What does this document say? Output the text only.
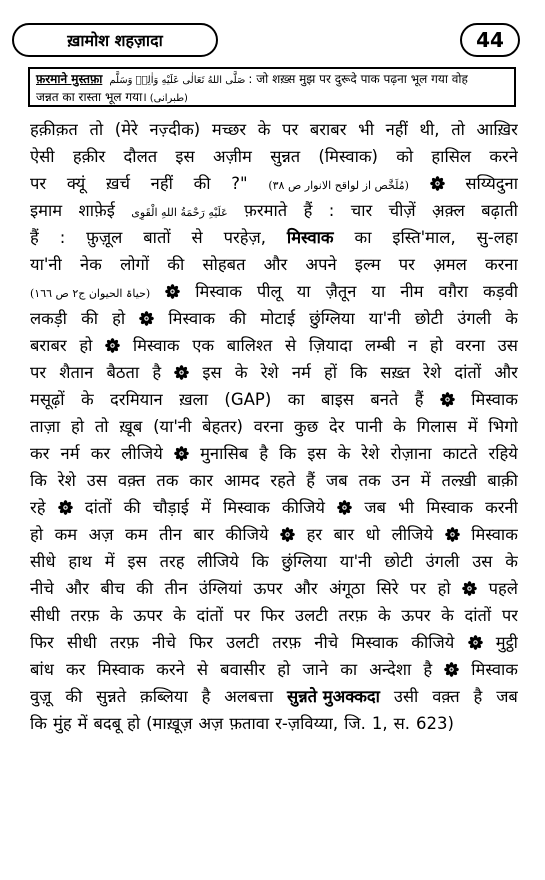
ख़ामोश शहज़ादा	44
फ़रमाने मुस्तफ़ा صَلَّى اللهُ تَعَالٰى عَلَيْهِ وَاٰلِهٖ وَسَلَّم : जो शख़्स मुझ पर दुरूदे पाक पढ़ना भूल गया वोह
जन्नत का रास्ता भूल गया। (طبرانی)
हक़ीक़त तो (मेरे नज़्दीक) मच्छर के पर बराबर भी नहीं थी, तो आख़िर
ऐसी हक़ीर दौलत इस अज़ीम सुन्नत (मिस्वाक) को हासिल करने
पर क्यूं ख़र्च नहीं की ?" (مُلَخَّص از لواقح الانوار ص ٣٨)	सय्यिदुना
इमाम शाफ़ेई عَلَيْهِ رَحْمَةُ اللهِ الْقَوِی फ़रमाते हैं : चार चीज़ें अ़क़्ल बढ़ाती
हैं : फ़ुज़ूल बातों से परहेज़, मिस्वाक का इस्ति'माल, सु-लहा
या'नी नेक लोगों की सोहबत और अपने इल्म पर अ़मल करना
(حیاۃ الحیوان ج٢ ص ١٦٦)	मिस्वाक पीलू या ज़ैतून या नीम वग़ैरा कड़वी
लकड़ी की हो	मिस्वाक की मोटाई छुंग्लिया या'नी छोटी उंगली के
बराबर हो मिस्वाक एक बालिश्त से ज़ियादा लम्बी न हो वरना उस
पर शैतान बैठता है	इस के रेशे नर्म हों कि सख़्त रेशे दांतों और
मसूढ़ों के दरमियान ख़ला (GAP) का बाइस बनते हैं	मिस्वाक
ताज़ा हो तो ख़ूब (या'नी बेहतर) वरना कुछ देर पानी के गिलास में भिगो
कर नर्म कर लीजिये मुनासिब है कि इस के रेशे रोज़ाना काटते रहिये
कि रेशे उस वक़्त तक कार आमद रहते हैं जब तक उन में तल्ख़ी बाक़ी
रहे दांतों की चौड़ाई में मिस्वाक कीजिये जब भी मिस्वाक करनी
हो कम अज़ कम तीन बार कीजिये हर बार धो लीजिये मिस्वाक
सीधे हाथ में इस तरह लीजिये कि छुंग्लिया या'नी छोटी उंगली उस के
नीचे और बीच की तीन उंग्लियां ऊपर और अंगूठा सिरे पर हो पहले
सीधी तरफ़ के ऊपर के दांतों पर फिर उलटी तरफ़ के ऊपर के दांतों पर
फिर सीधी तरफ़ नीचे फिर उलटी तरफ़ नीचे मिस्वाक कीजिये	मुट्ठी
बांध कर मिस्वाक करने से बवासीर हो जाने का अन्देशा है मिस्वाक
वुज़ू की सुन्नते क़ब्लिया है अलबत्ता सुन्नते मुअक्कदा उसी वक़्त है जब
कि मुंह में बदबू हो (माख़ूज़ अज़ फ़तावा र-ज़विय्या, जि. 1, स. 623)
